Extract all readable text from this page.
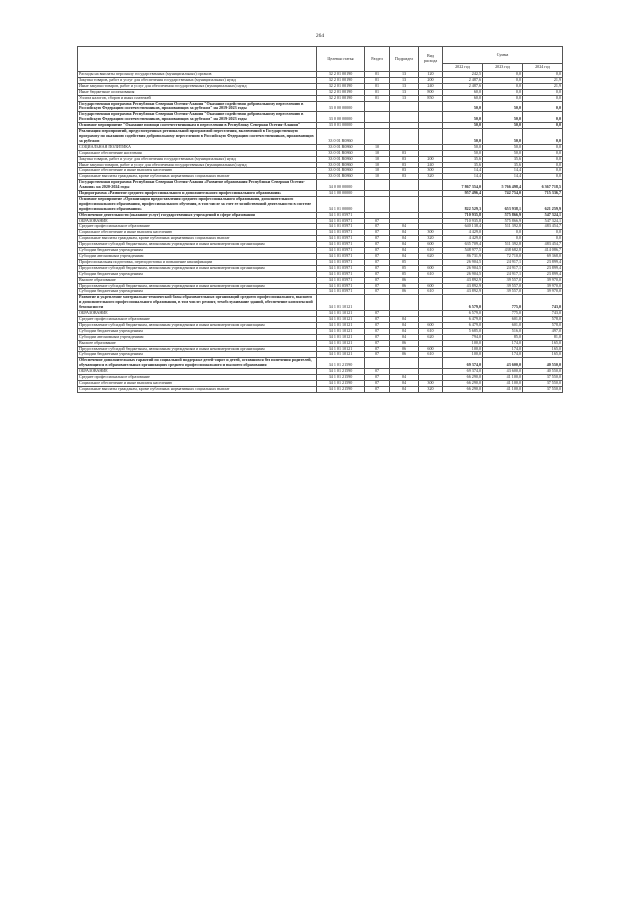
264
	Целевая статья	Раздел	Подраздел	Вид расхода	Сумма		
					2022 год	2023 год	2024 год
Расходы на выплаты персоналу государственных (муниципальных) органов	32 2 01 00190	01	13	120	242,5	0,0	0,0
Закупка товаров, работ и услуг для обеспечения государственных (муниципальных) нужд	32 2 01 00190	01	13	200	2 487,6	0,0	21,9
Иные закупки товаров, работ и услуг для обеспечения государственных (муниципальных) нужд	32 2 01 00190	01	13	240	2 487,6	0,0	21,9
Иные бюджетные ассигнования	32 2 01 00190	01	13	800	60,0	0,0	0,0
Уплата налогов, сборов и иных платежей	32 2 01 00190	01	13	850	60,0	0,0	0,0
Государственная программа Республики Северная Осетия-Алания "Оказание содействия добровольному переселению в Российскую Федерацию соотечественников, проживающих за рубежом" на 2019-2023 годы	33 0 00 00000				50,0	50,0	0,0
Государственная программа Республики Северная Осетия-Алания "Оказание содействия добровольному переселению в Российскую Федерацию соотечественников, проживающих за рубежом" на 2019-2023 годы	33 0 00 00000				50,0	50,0	0,0
Основное мероприятие "Оказание помощи соотечественникам в переселении в Республику Северная Осетия-Алания"	33 0 01 00000				50,0	50,0	0,0
Реализация мероприятий, предусмотренных региональной программой переселения, включенной в Государственную программу по оказанию содействия добровольному переселению в Российскую Федерацию соотечественников, проживающих за рубежом	33 0 01 R0860				50,0	50,0	0,0
СОЦИАЛЬНАЯ ПОЛИТИКА	33 0 01 R0860	10			50,0	50,0	0,0
Социальное обеспечение населения	33 0 01 R0860	10	03		50,0	50,0	0,0
Закупка товаров, работ и услуг для обеспечения государственных (муниципальных) нужд	33 0 01 R0860	10	03	200	35,6	35,6	0,0
Иные закупки товаров, работ и услуг для обеспечения государственных (муниципальных) нужд	33 0 01 R0860	10	03	240	35,6	35,6	0,0
Социальное обеспечение и иные выплаты населению	33 0 01 R0860	10	03	300	14,4	14,4	0,0
Социальные выплаты гражданам, кроме публичных нормативных социальных выплат	33 0 01 R0860	10	03	320	14,4	14,4	0,0
Государственная программа Республики Северная Осетия-Алания «Развитие образования Республики Северная Осетия-Алания» на 2020-2024 годы	34 0 00 00000				7 867 354,0	5 766 498,4	6 367 718,5
Подпрограмма «Развитие среднего профессионального и дополнительного профессионального образования»	34 1 00 00000				957 496,4	742 754,0	715 336,7
Основное мероприятие «Организация предоставления среднего профессионального образования, дополнительного профессионального образования, профессионального обучения, в том числе за счет ее хозяйственной деятельности в системе профессионального образования»	34 1 01 00000				822 529,3	653 938,1	621 259,9
Обеспечение деятельности (оказание услуг) государственных учреждений в сфере образования	34 1 01 05971				710 935,8	575 866,9	547 324,1
ОБРАЗОВАНИЕ	34 1 01 05971	07			710 935,8	575 866,9	547 324,1
Среднее профессиональное образование	34 1 01 05971	07	04		640 138,4	511 392,8	483 454,7
Социальное обеспечение и иные выплаты населению	34 1 01 05971	07	04	300	4 429,0	0,0	0,0
Социальные выплаты гражданам, кроме публичных нормативных социальных выплат	34 1 01 05971	07	04	320	4 429,0	0,0	0,0
Предоставление субсидий бюджетным, автономным учреждениям и иным некоммерческим организациям	34 1 01 05971	07	04	600	635 709,4	511 392,8	483 454,7
Субсидии бюджетным учреждениям	34 1 01 05971	07	04	610	548 977,5	438 682,8	414 086,7
Субсидии автономным учреждениям	34 1 01 05971	07	04	620	86 731,9	72 710,0	69 368,0
Профессиональная подготовка, переподготовка и повышение квалификации	34 1 01 05971	07	05		26 904,5	24 917,1	23 899,4
Предоставление субсидий бюджетным, автономным учреждениям и иным некоммерческим организациям	34 1 01 05971	07	05	600	26 904,5	24 917,1	23 899,4
Субсидии бюджетным учреждениям	34 1 01 05971	07	05	610	26 904,5	24 917,1	23 899,4
Высшее образование	34 1 01 05971	07	06		43 892,9	39 557,0	39 970,0
Предоставление субсидий бюджетным, автономным учреждениям и иным некоммерческим организациям	34 1 01 05971	07	06	600	43 892,9	39 557,0	39 970,0
Субсидии бюджетным учреждениям	34 1 01 05971	07	06	610	43 892,9	39 557,0	39 970,0
Развитие и укрепление материально-технической базы образовательных организаций среднего профессионального, высшего и дополнительного профессионального образования, в том числе: ремонт, техобслуживание зданий, обеспечение комплексной безопасности	34 1 01 10121				6 579,0	775,0	743,0
ОБРАЗОВАНИЕ	34 1 01 10121	07			6 579,0	775,0	743,0
Среднее профессиональное образование	34 1 01 10121	07	04		6 479,0	601,0	578,0
Предоставление субсидий бюджетным, автономным учреждениям и иным некоммерческим организациям	34 1 01 10121	07	04	600	6 479,0	601,0	578,0
Субсидии бюджетным учреждениям	34 1 01 10121	07	04	610	5 685,0	516,0	497,0
Субсидии автономным учреждениям	34 1 01 10121	07	04	620	794,0	85,0	81,0
Высшее образование	34 1 01 10121	07	06		100,0	174,0	165,0
Предоставление субсидий бюджетным, автономным учреждениям и иным некоммерческим организациям	34 1 01 10121	07	06	600	100,0	174,0	165,0
Субсидии бюджетным учреждениям	34 1 01 10121	07	06	610	100,0	174,0	165,0
Обеспечение дополнительных гарантий по социальной поддержке детей-сирот и детей, оставшихся без попечения родителей, обучающихся в образовательных организациях среднего профессионального и высшего образования	34 1 01 21590				69 374,0	43 600,0	40 550,0
ОБРАЗОВАНИЕ	34 1 01 21590	07			69 374,0	43 600,0	40 550,0
Среднее профессиональное образование	34 1 01 21590	07	04		66 290,0	41 100,0	37 550,0
Социальное обеспечение и иные выплаты населению	34 1 01 21590	07	04	300	66 290,0	41 100,0	37 550,0
Социальные выплаты гражданам, кроме публичных нормативных социальных выплат	34 1 01 21590	07	04	320	66 290,0	41 100,0	37 550,0
